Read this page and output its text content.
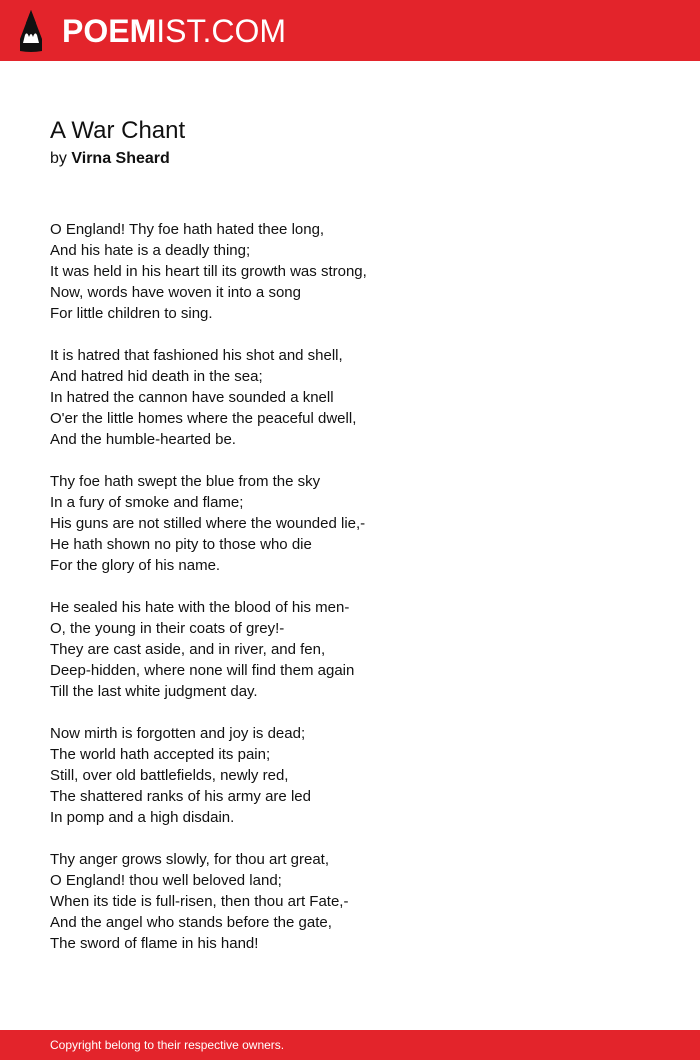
POEMIST.COM
A War Chant
by Virna Sheard
O England! Thy foe hath hated thee long,
And his hate is a deadly thing;
It was held in his heart till its growth was strong,
Now, words have woven it into a song
For little children to sing.
It is hatred that fashioned his shot and shell,
And hatred hid death in the sea;
In hatred the cannon have sounded a knell
O'er the little homes where the peaceful dwell,
And the humble-hearted be.
Thy foe hath swept the blue from the sky
In a fury of smoke and flame;
His guns are not stilled where the wounded lie,-
He hath shown no pity to those who die
For the glory of his name.
He sealed his hate with the blood of his men-
O, the young in their coats of grey!-
They are cast aside, and in river, and fen,
Deep-hidden, where none will find them again
Till the last white judgment day.
Now mirth is forgotten and joy is dead;
The world hath accepted its pain;
Still, over old battlefields, newly red,
The shattered ranks of his army are led
In pomp and a high disdain.
Thy anger grows slowly, for thou art great,
O England! thou well beloved land;
When its tide is full-risen, then thou art Fate,-
And the angel who stands before the gate,
The sword of flame in his hand!
Copyright belong to their respective owners.
